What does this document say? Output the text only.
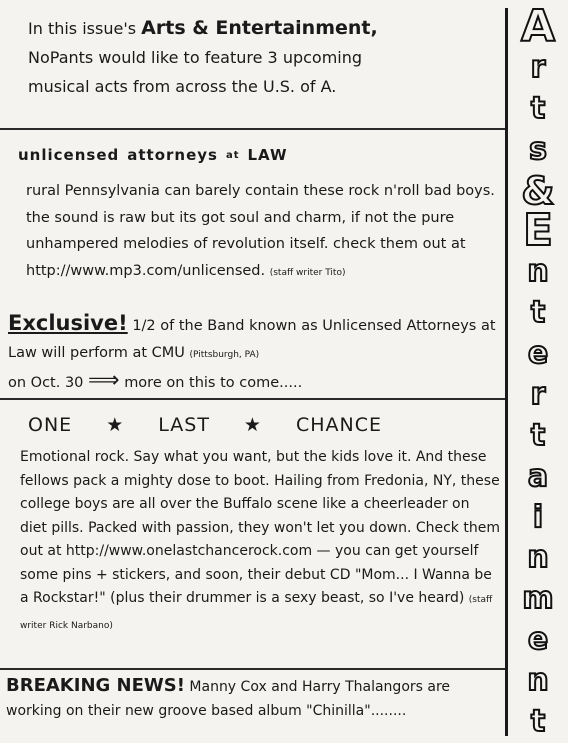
In this issue's Arts & Entertainment,
NoPants would like to feature 3 upcoming
musical acts from across the U.S. of A.
unlicensed attorneys at LAW
rural Pennsylvania can barely contain these rock n'roll bad boys. the sound is raw but its got soul and charm, if not the pure unhampered melodies of revolution itself. check them out at http://www.mp3.com/unlicensed. (staff writer Tito)
Exclusive! 1/2 of the Band known as Unlicensed Attorneys at Law will perform at CMU (Pittsburgh, PA)
on Oct. 30 ⟹ more on this to come.....
ONE ★ LAST ★ CHANCE
Emotional rock. Say what you want, but the kids love it. And these fellows pack a mighty dose to boot. Hailing from Fredonia, NY, these college boys are all over the Buffalo scene like a cheerleader on diet pills. Packed with passion, they won't let you down. Check them out at http://www.onelastchancerock.com — you can get yourself some pins + stickers, and soon, their debut CD "Mom... I Wanna be a Rockstar!" (plus their drummer is a sexy beast, so I've heard) (staff writer Rick Narbano)
BREAKING NEWS! Manny Cox and Harry Thalangors are working on their new groove based album "Chinilla"........
A
r
t
s
&
E
n
t
e
r
t
a
i
n
m
e
n
t
